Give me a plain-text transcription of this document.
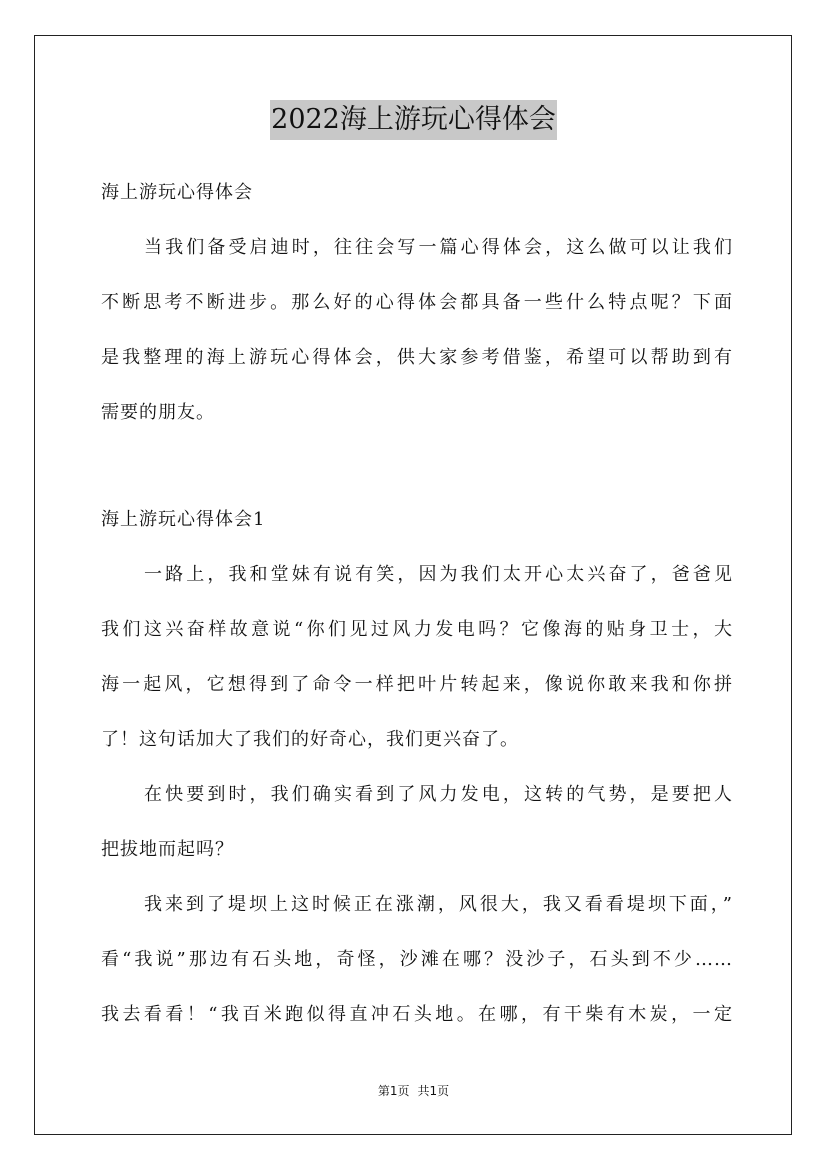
2022海上游玩心得体会
海上游玩心得体会
当我们备受启迪时，往往会写一篇心得体会，这么做可以让我们
不断思考不断进步。那么好的心得体会都具备一些什么特点呢？下面
是我整理的海上游玩心得体会，供大家参考借鉴，希望可以帮助到有
需要的朋友。
海上游玩心得体会1
一路上，我和堂妹有说有笑，因为我们太开心太兴奋了，爸爸见
我们这兴奋样故意说“你们见过风力发电吗？它像海的贴身卫士，大
海一起风，它想得到了命令一样把叶片转起来，像说你敢来我和你拼
了！这句话加大了我们的好奇心，我们更兴奋了。
在快要到时，我们确实看到了风力发电，这转的气势，是要把人
把拔地而起吗？
我来到了堤坝上这时候正在涨潮，风很大，我又看看堤坝下面，”
看“我说”那边有石头地，奇怪，沙滩在哪？没沙子，石头到不少……
我去看看！“我百米跑似得直冲石头地。在哪，有干柴有木炭，一定
第1页 共1页
